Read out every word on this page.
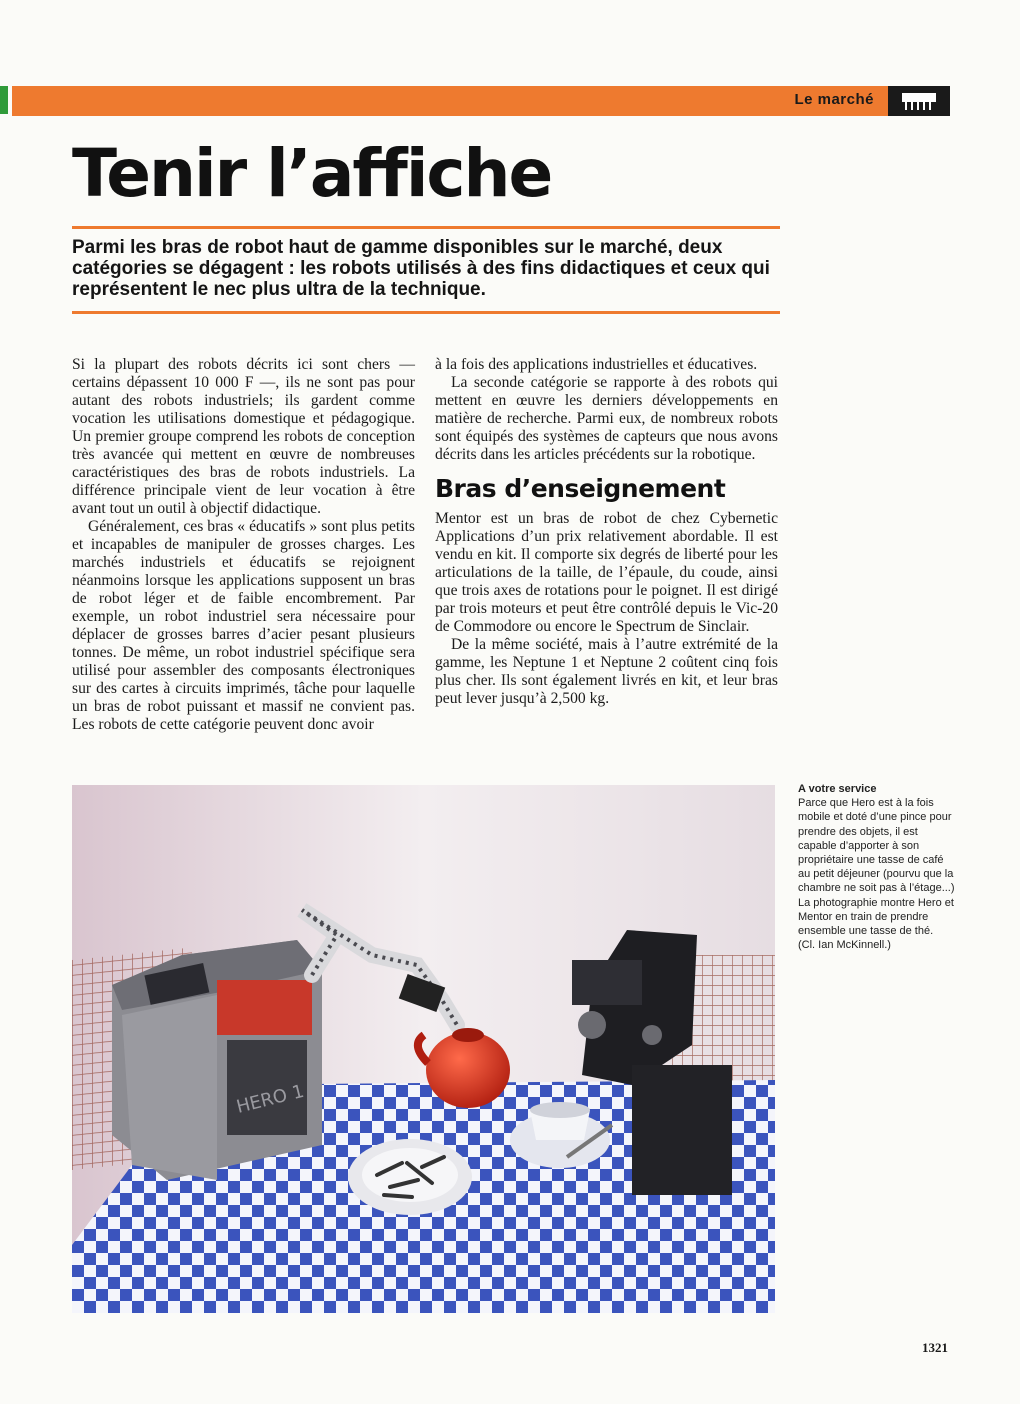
Le marché
Tenir l’affiche

Parmi les bras de robot haut de gamme disponibles sur le marché, deux catégories se dégagent : les robots utilisés à des fins didactiques et ceux qui représentent le nec plus ultra de la technique.

Si la plupart des robots décrits ici sont chers — certains dépassent 10 000 F —, ils ne sont pas pour autant des robots industriels; ils gardent comme vocation les utilisations domestique et pédagogique. Un premier groupe comprend les robots de conception très avancée qui mettent en œuvre de nombreuses caractéristiques des bras de robots industriels. La différence principale vient de leur vocation à être avant tout un outil à objectif didactique.

Généralement, ces bras « éducatifs » sont plus petits et incapables de manipuler de grosses charges. Les marchés industriels et éducatifs se rejoignent néanmoins lorsque les applications supposent un bras de robot léger et de faible encombrement. Par exemple, un robot industriel sera nécessaire pour déplacer de grosses barres d’acier pesant plusieurs tonnes. De même, un robot industriel spécifique sera utilisé pour assembler des composants électroniques sur des cartes à circuits imprimés, tâche pour laquelle un bras de robot puissant et massif ne convient pas. Les robots de cette catégorie peuvent donc avoir

à la fois des applications industrielles et éducatives.

La seconde catégorie se rapporte à des robots qui mettent en œuvre les derniers développements en matière de recherche. Parmi eux, de nombreux robots sont équipés des systèmes de capteurs que nous avons décrits dans les articles précédents sur la robotique.

Bras d’enseignement

Mentor est un bras de robot de chez Cybernetic Applications d’un prix relativement abordable. Il est vendu en kit. Il comporte six degrés de liberté pour les articulations de la taille, de l’épaule, du coude, ainsi que trois axes de rotations pour le poignet. Il est dirigé par trois moteurs et peut être contrôlé depuis le Vic-20 de Commodore ou encore le Spectrum de Sinclair.

De la même société, mais à l’autre extrémité de la gamme, les Neptune 1 et Neptune 2 coûtent cinq fois plus cher. Ils sont également livrés en kit, et leur bras peut lever jusqu’à 2,500 kg.

HERO 1
A votre service
Parce que Hero est à la fois mobile et doté d’une pince pour prendre des objets, il est capable d’apporter à son propriétaire une tasse de café au petit déjeuner (pourvu que la chambre ne soit pas à l’étage...) La photographie montre Hero et Mentor en train de prendre ensemble une tasse de thé.
(Cl. Ian McKinnell.)
1321
